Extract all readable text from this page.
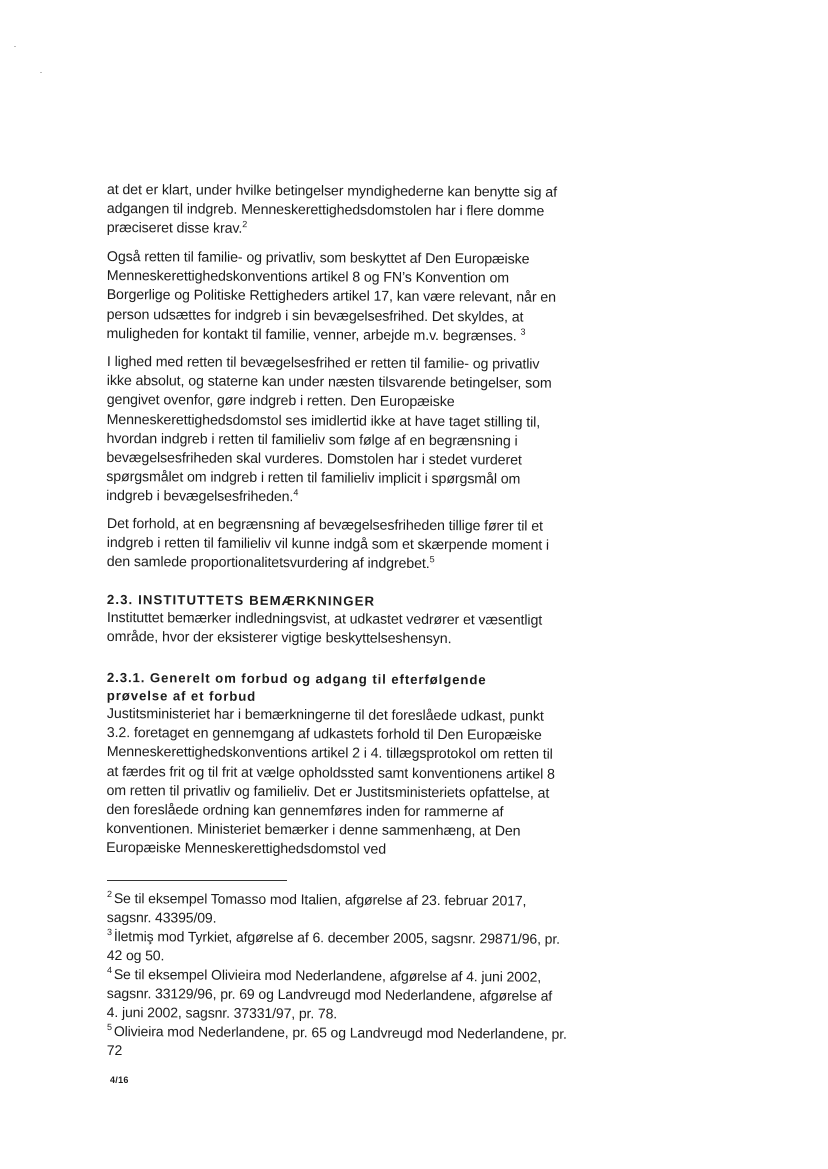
at det er klart, under hvilke betingelser myndighederne kan benytte sig af adgangen til indgreb. Menneskerettighedsdomstolen har i flere domme præciseret disse krav.$^2$

Også retten til familie- og privatliv, som beskyttet af Den Europæiske Menneskerettighedskonventions artikel 8 og FN’s Konvention om Borgerlige og Politiske Rettigheders artikel 17, kan være relevant, når en person udsættes for indgreb i sin bevægelsesfrihed. Det skyldes, at muligheden for kontakt til familie, venner, arbejde m.v. begrænses. $^3$

I lighed med retten til bevægelsesfrihed er retten til familie- og privatliv ikke absolut, og staterne kan under næsten tilsvarende betingelser, som gengivet ovenfor, gøre indgreb i retten. Den Europæiske Menneskerettighedsdomstol ses imidlertid ikke at have taget stilling til, hvordan indgreb i retten til familieliv som følge af en begrænsning i bevægelsesfriheden skal vurderes. Domstolen har i stedet vurderet spørgsmålet om indgreb i retten til familieliv implicit i spørgsmål om indgreb i bevægelsesfriheden.$^4$

Det forhold, at en begrænsning af bevægelsesfriheden tillige fører til et indgreb i retten til familieliv vil kunne indgå som et skærpende moment i den samlede proportionalitetsvurdering af indgrebet.$^5$

2.3. INSTITUTTETS BEMÆRKNINGER

Instituttet bemærker indledningsvist, at udkastet vedrører et væsentligt område, hvor der eksisterer vigtige beskyttelseshensyn.

2.3.1. Generelt om forbud og adgang til efterfølgende prøvelse af et forbud

Justitsministeriet har i bemærkningerne til det foreslåede udkast, punkt 3.2. foretaget en gennemgang af udkastets forhold til Den Europæiske Menneskerettighedskonventions artikel 2 i 4. tillægsprotokol om retten til at færdes frit og til frit at vælge opholdssted samt konventionens artikel 8 om retten til privatliv og familieliv. Det er Justitsministeriets opfattelse, at den foreslåede ordning kan gennemføres inden for rammerne af konventionen. Ministeriet bemærker i denne sammenhæng, at Den Europæiske Menneskerettighedsdomstol ved

$^2$ Se til eksempel Tomasso mod Italien, afgørelse af 23. februar 2017, sagsnr. 43395/09.

$^3$ İletmiş mod Tyrkiet, afgørelse af 6. december 2005, sagsnr. 29871/96, pr. 42 og 50.

$^4$ Se til eksempel Olivieira mod Nederlandene, afgørelse af 4. juni 2002, sagsnr. 33129/96, pr. 69 og Landvreugd mod Nederlandene, afgørelse af 4. juni 2002, sagsnr. 37331/97, pr. 78.

$^5$ Olivieira mod Nederlandene, pr. 65 og Landvreugd mod Nederlandene, pr. 72

4/16
